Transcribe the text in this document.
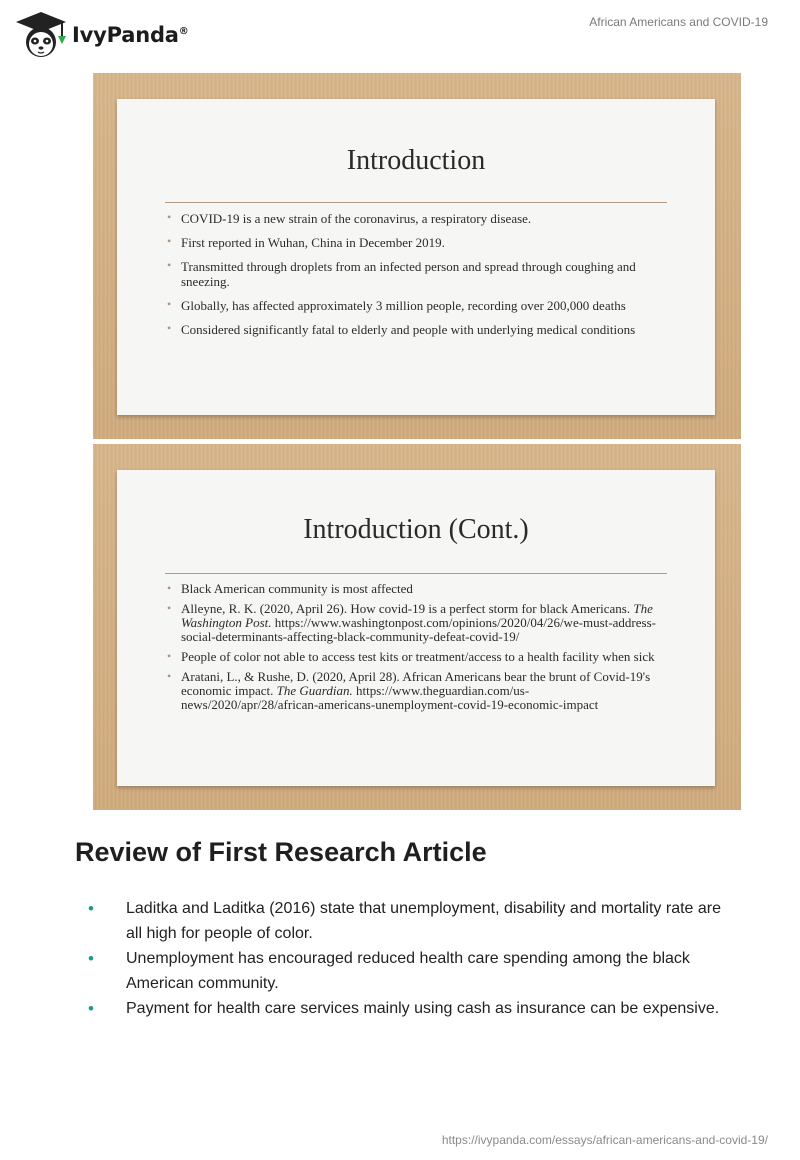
IvyPanda®
African Americans and COVID-19
Introduction
• COVID-19 is a new strain of the coronavirus, a respiratory disease.
• First reported in Wuhan, China in December 2019.
• Transmitted through droplets from an infected person and spread through coughing and sneezing.
• Globally, has affected approximately 3 million people, recording over 200,000 deaths
• Considered significantly fatal to elderly and people with underlying medical conditions
Introduction (Cont.)
• Black American community is most affected
• Alleyne, R. K. (2020, April 26). How covid-19 is a perfect storm for black Americans. The Washington Post. https://www.washingtonpost.com/opinions/2020/04/26/we-must-address-social-determinants-affecting-black-community-defeat-covid-19/
• People of color not able to access test kits or treatment/access to a health facility when sick
• Aratani, L., & Rushe, D. (2020, April 28). African Americans bear the brunt of Covid-19's economic impact. The Guardian. https://www.theguardian.com/us-news/2020/apr/28/african-americans-unemployment-covid-19-economic-impact
Review of First Research Article
• Laditka and Laditka (2016) state that unemployment, disability and mortality rate are all high for people of color.
• Unemployment has encouraged reduced health care spending among the black American community.
• Payment for health care services mainly using cash as insurance can be expensive.
https://ivypanda.com/essays/african-americans-and-covid-19/
